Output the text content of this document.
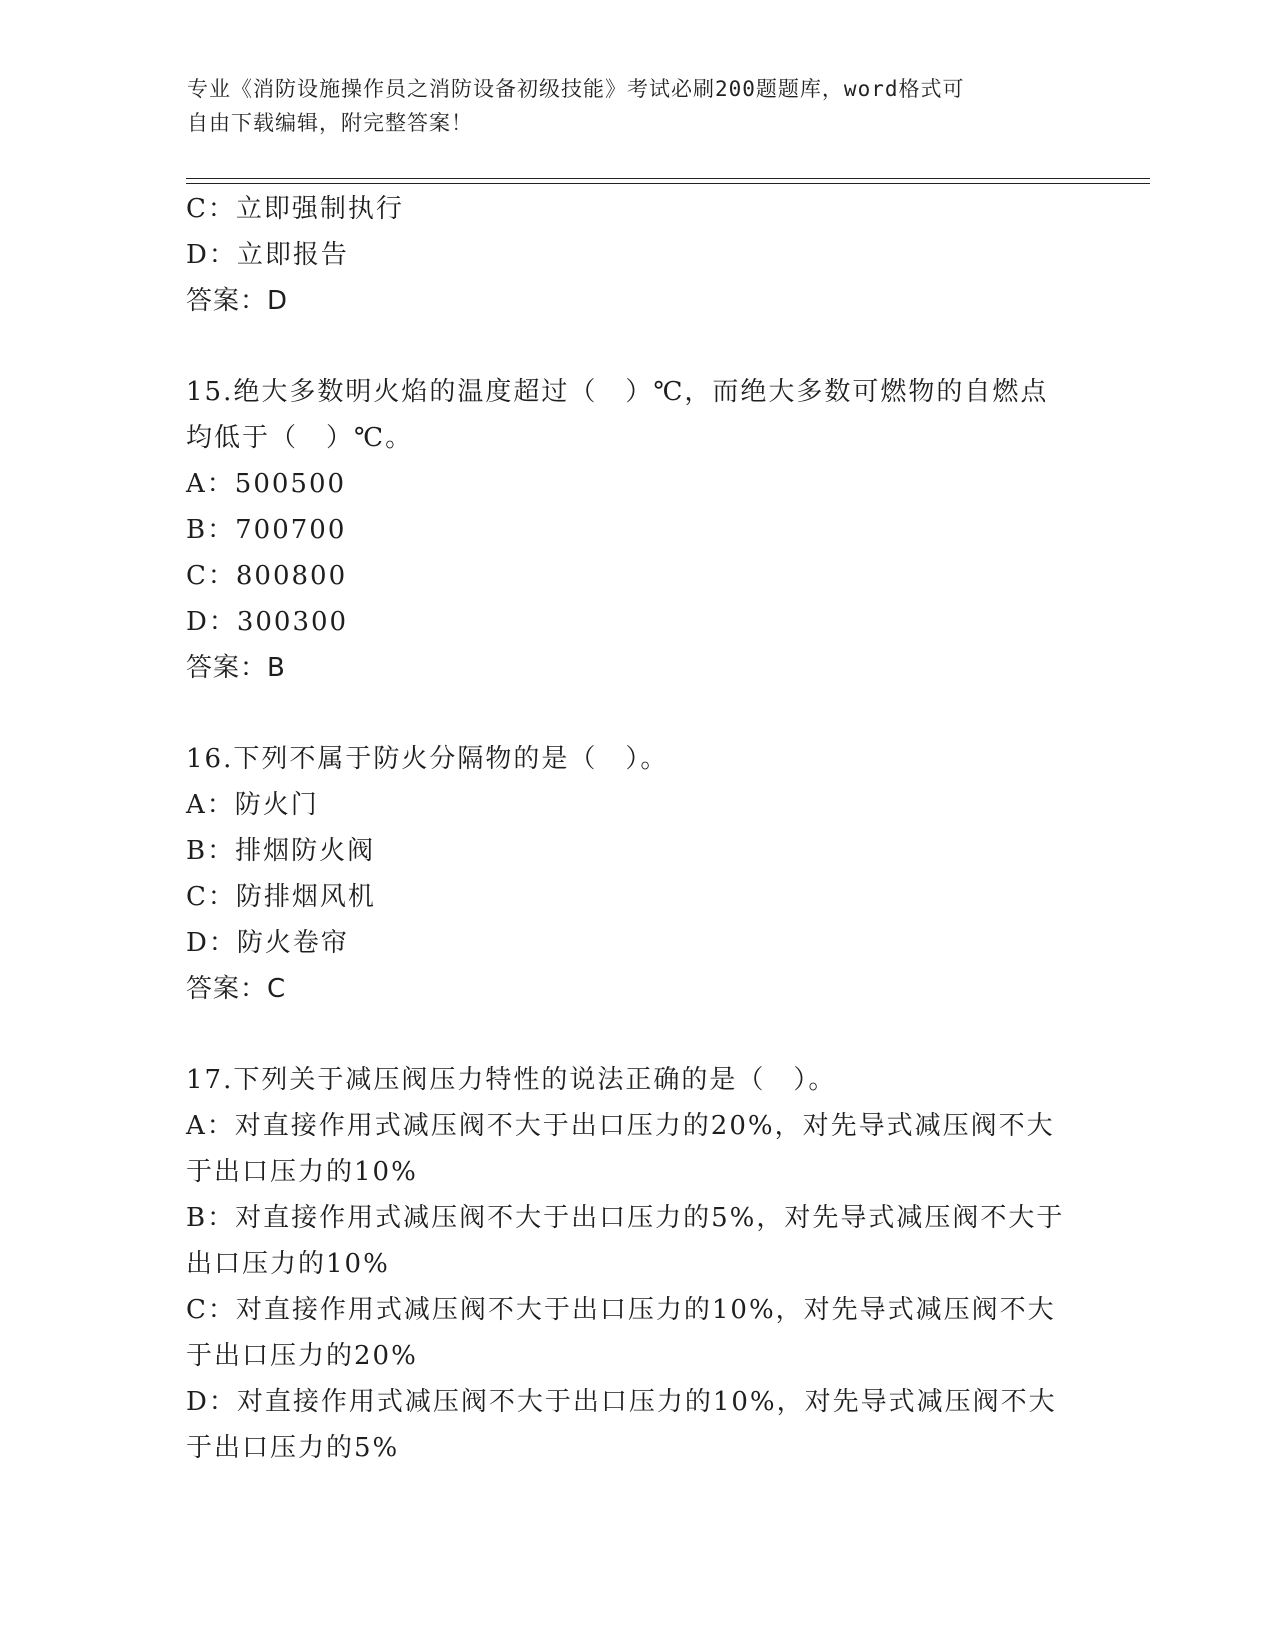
专业《消防设施操作员之消防设备初级技能》考试必刷200题题库，word格式可

自由下载编辑，附完整答案！

C：立即强制执行
D：立即报告
答案：D
15.绝大多数明火焰的温度超过（　）℃，而绝大多数可燃物的自燃点
均低于（　）℃。
A：500500
B：700700
C：800800
D：300300
答案：B
16.下列不属于防火分隔物的是（　）。
A：防火门
B：排烟防火阀
C：防排烟风机
D：防火卷帘
答案：C
17.下列关于减压阀压力特性的说法正确的是（　）。
A：对直接作用式减压阀不大于出口压力的20%，对先导式减压阀不大
于出口压力的10%
B：对直接作用式减压阀不大于出口压力的5%，对先导式减压阀不大于
出口压力的10%
C：对直接作用式减压阀不大于出口压力的10%，对先导式减压阀不大
于出口压力的20%
D：对直接作用式减压阀不大于出口压力的10%，对先导式减压阀不大
于出口压力的5%
